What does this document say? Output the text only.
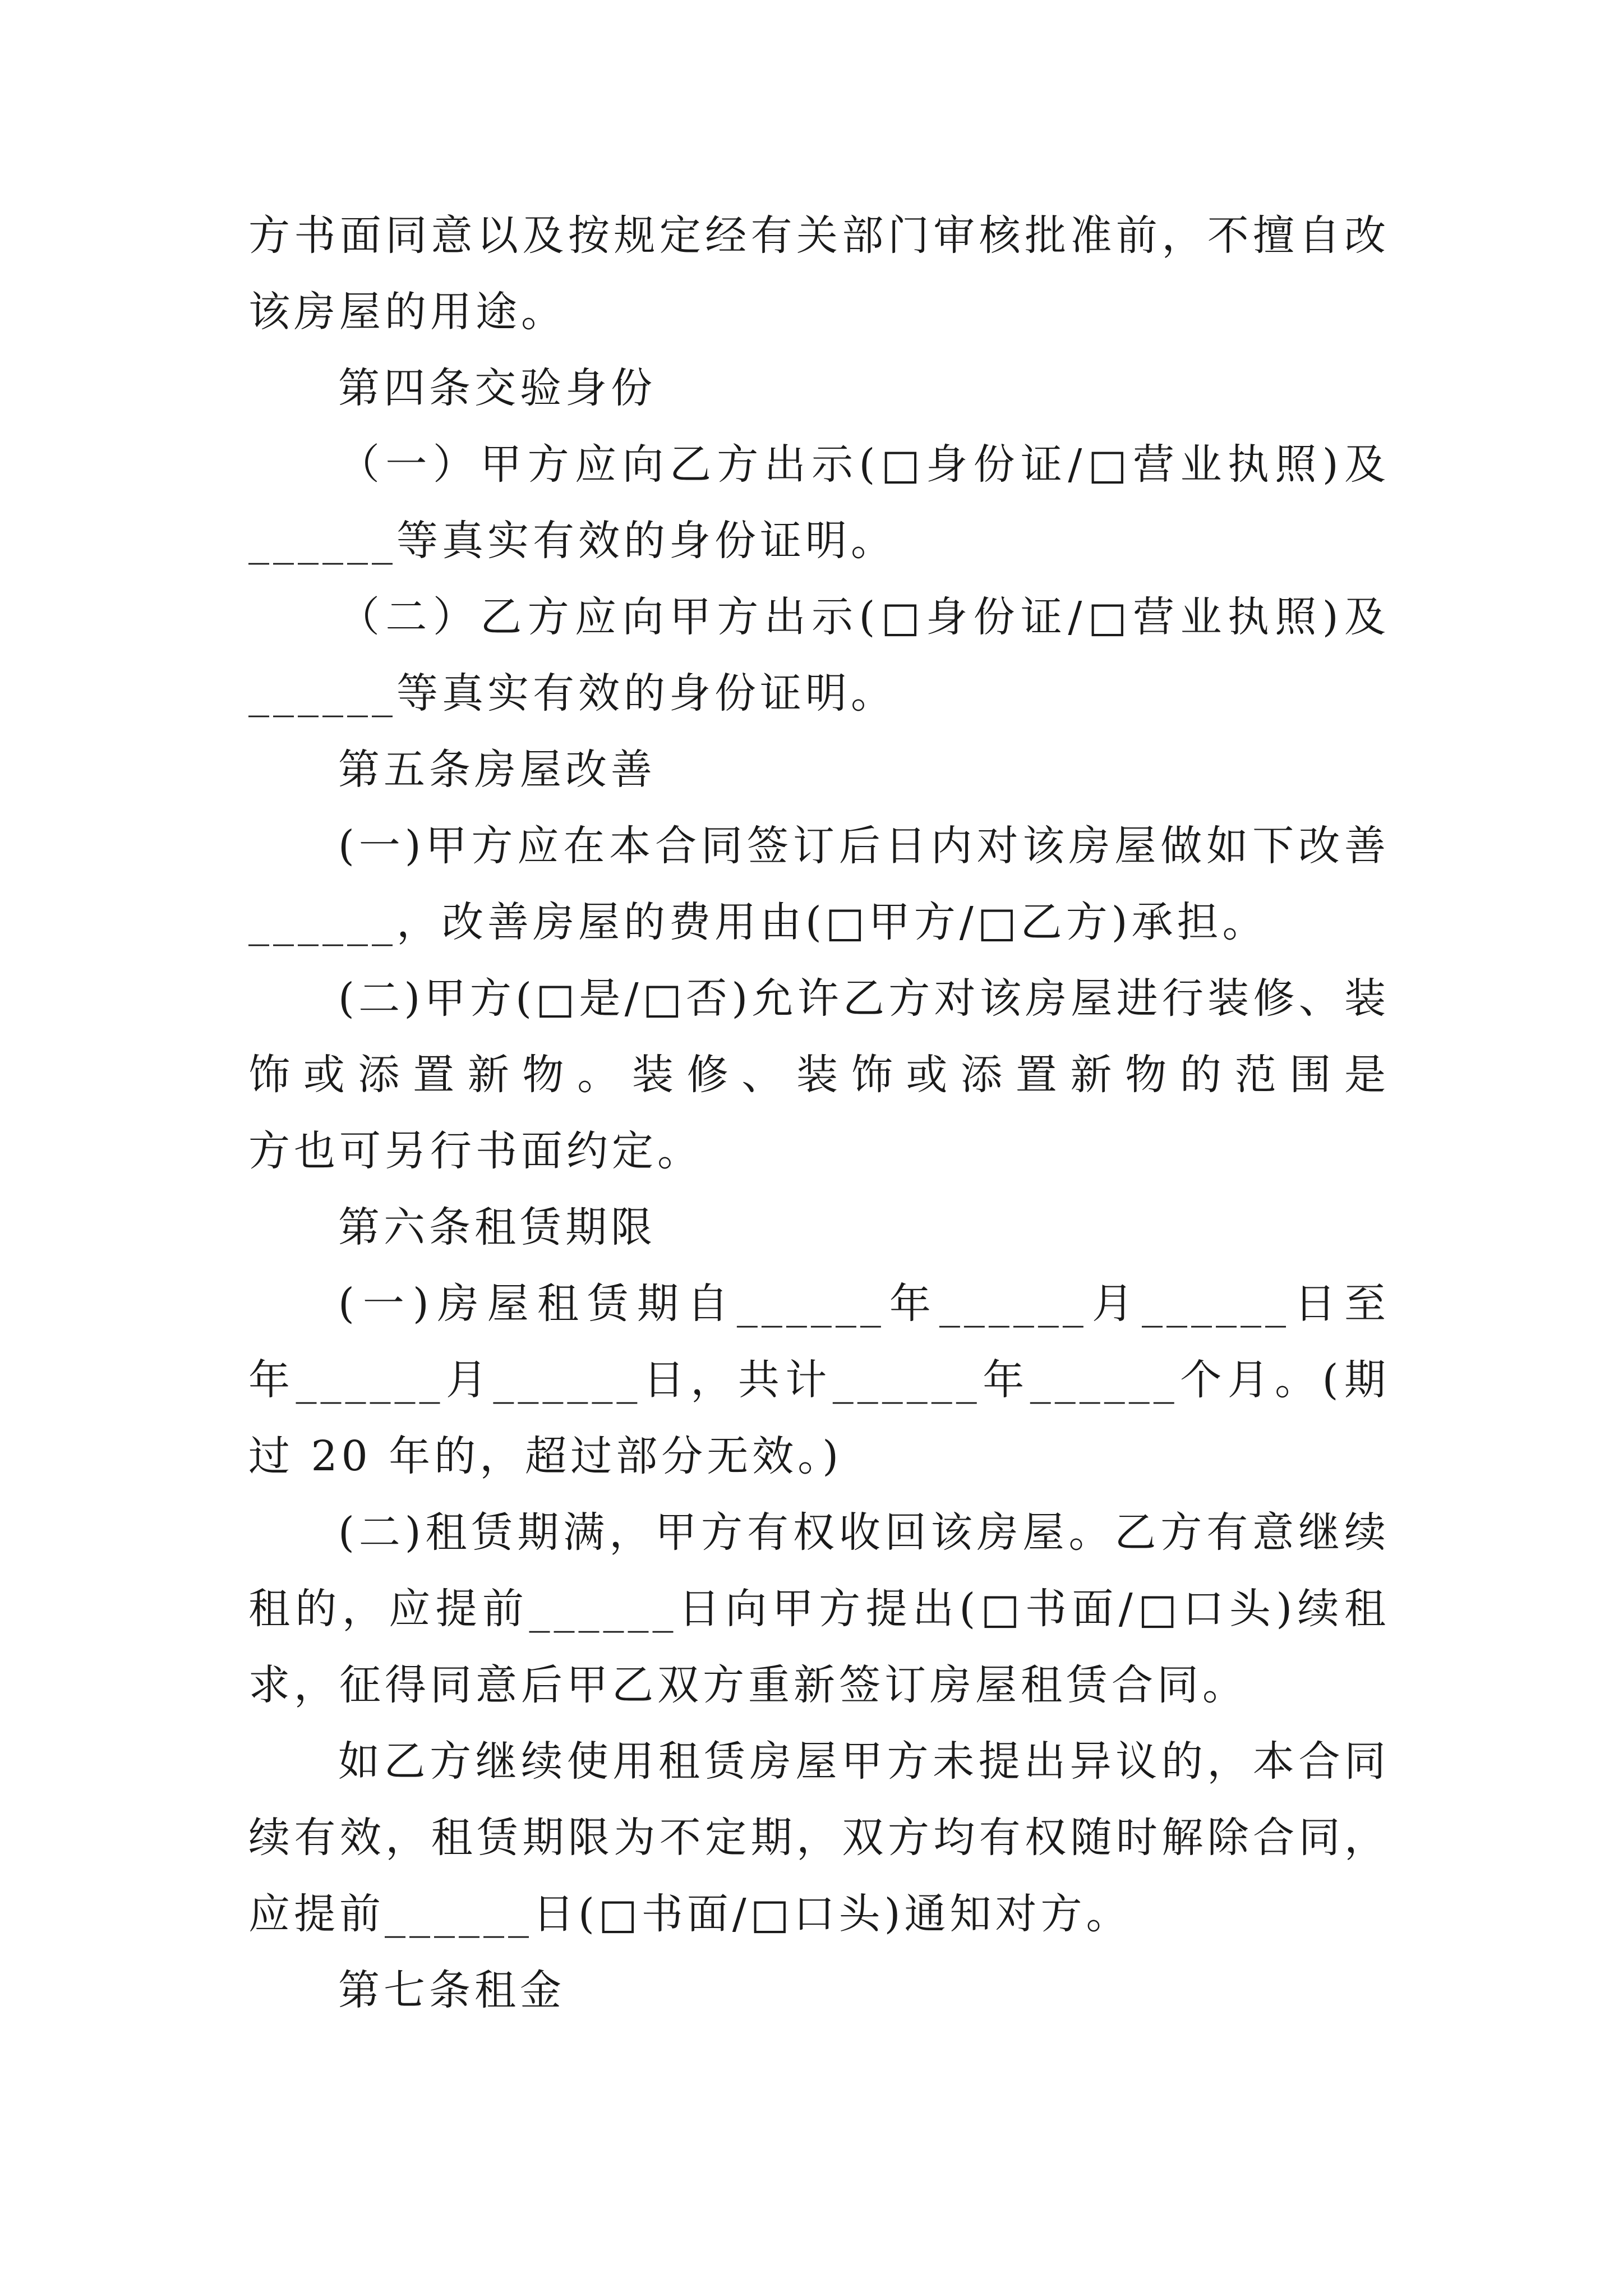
方书面同意以及按规定经有关部门审核批准前，不擅自改
该房屋的用途。
第四条交验身份
（一）甲方应向乙方出示(□身份证/□营业执照)及
______等真实有效的身份证明。
（二）乙方应向甲方出示(□身份证/□营业执照)及
______等真实有效的身份证明。
第五条房屋改善
(一)甲方应在本合同签订后日内对该房屋做如下改善
______，改善房屋的费用由(□甲方/□乙方)承担。
(二)甲方(□是/□否)允许乙方对该房屋进行装修、装
饰或添置新物。装修、装饰或添置新物的范围是
方也可另行书面约定。
第六条租赁期限
(一)房屋租赁期自______年______月______日至
年______月______日，共计______年______个月。(期
过 20 年的，超过部分无效。)
(二)租赁期满，甲方有权收回该房屋。乙方有意继续
租的，应提前______日向甲方提出(□书面/□口头)续租
求，征得同意后甲乙双方重新签订房屋租赁合同。
如乙方继续使用租赁房屋甲方未提出异议的，本合同
续有效，租赁期限为不定期，双方均有权随时解除合同，
应提前______日(□书面/□口头)通知对方。
第七条租金
